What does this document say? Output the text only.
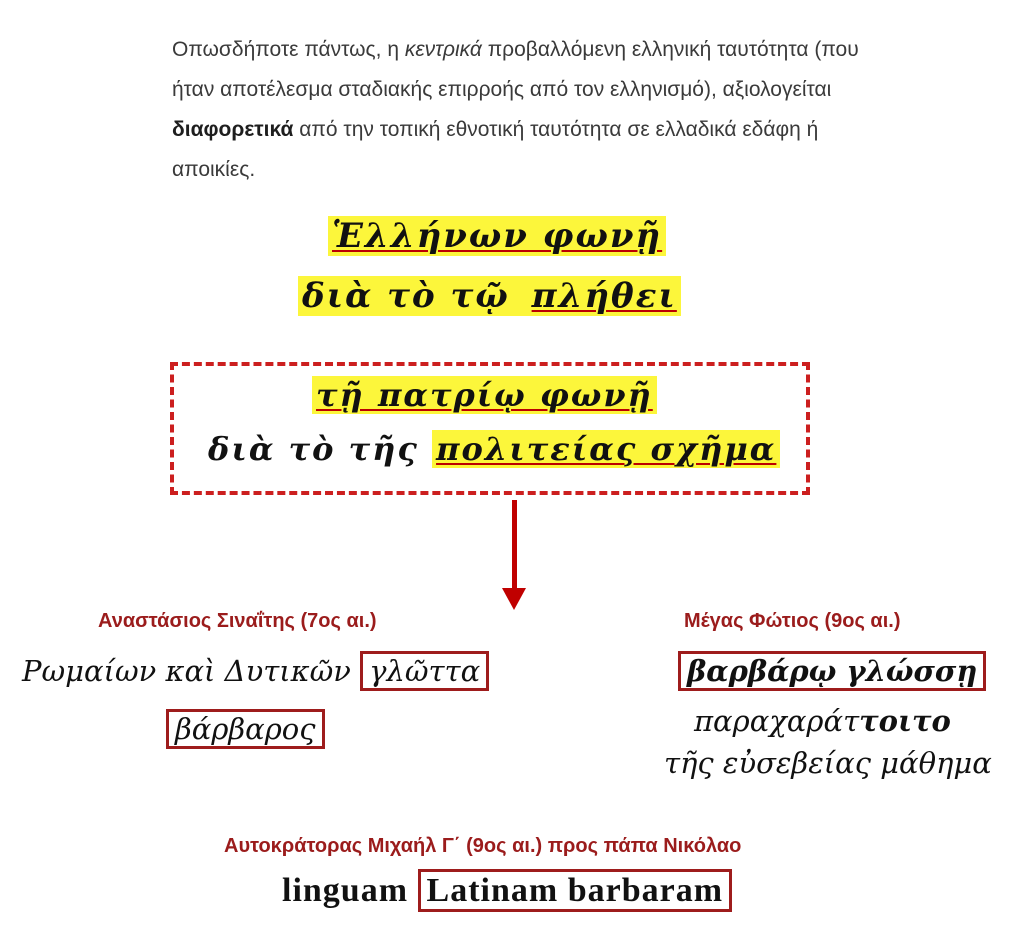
Οπωσδήποτε πάντως, η κεντρικά προβαλλόμενη ελληνική ταυτότητα (που ήταν αποτέλεσμα σταδιακής επιρροής από τον ελληνισμό), αξιολογείται διαφορετικά από την τοπική εθνοτική ταυτότητα σε ελλαδικά εδάφη ή αποικίες.

Ἑλλήνων φωνῇ
διὰ τὸ τῷ πλήθει
τῇ πατρίῳ φωνῇ
διὰ τὸ τῆς πολιτείας σχῆμα
Αναστάσιος Σιναΐτης (7ος αι.)
Ρωμαίων καὶ Δυτικῶν γλῶττα
βάρβαρος
Μέγας Φώτιος (9ος αι.)
βαρβάρῳ γλώσσῃ
παραχαράττοιτο
τῆς εὐσεβείας μάθημα
Αυτοκράτορας Μιχαήλ Γ΄ (9ος αι.) προς πάπα Νικόλαο
linguam Latinam barbaram
